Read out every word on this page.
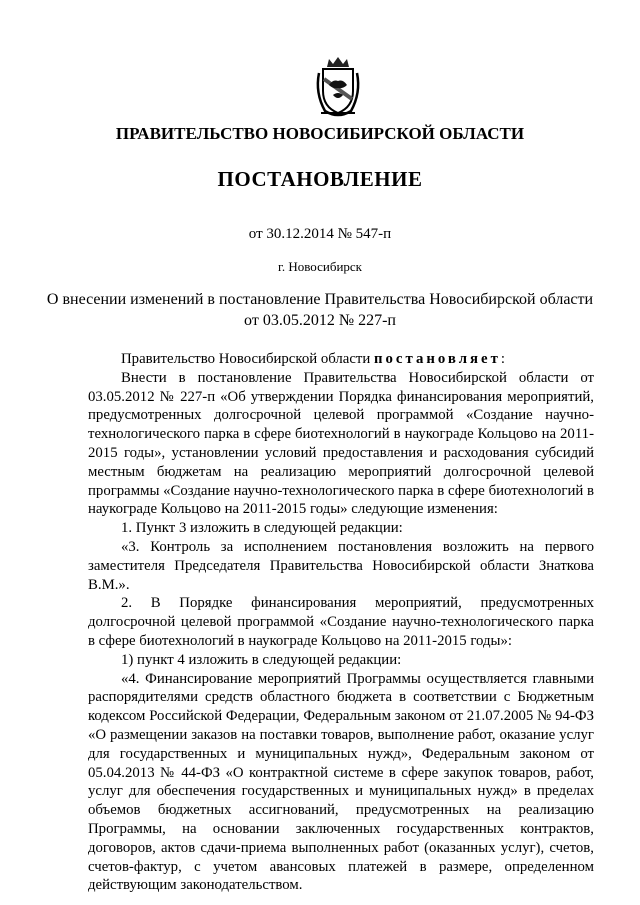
ПРАВИТЕЛЬСТВО НОВОСИБИРСКОЙ ОБЛАСТИ
ПОСТАНОВЛЕНИЕ
от 30.12.2014 № 547-п
г. Новосибирск
О внесении изменений в постановление Правительства Новосибирской области
от 03.05.2012 № 227-п

Правительство Новосибирской области постановляет:

Внести в постановление Правительства Новосибирской области от 03.05.2012 № 227-п «Об утверждении Порядка финансирования мероприятий, предусмотренных долгосрочной целевой программой «Создание научно-технологического парка в сфере биотехнологий в наукограде Кольцово на 2011-2015 годы», установлении условий предоставления и расходования субсидий местным бюджетам на реализацию мероприятий долгосрочной целевой программы «Создание научно-технологического парка в сфере биотехнологий в наукограде Кольцово на 2011-2015 годы» следующие изменения:

1. Пункт 3 изложить в следующей редакции:

«3. Контроль за исполнением постановления возложить на первого заместителя Председателя Правительства Новосибирской области Знаткова В.М.».

2. В Порядке финансирования мероприятий, предусмотренных долгосрочной целевой программой «Создание научно-технологического парка в сфере биотехнологий в наукограде Кольцово на 2011-2015 годы»:

1) пункт 4 изложить в следующей редакции:

«4. Финансирование мероприятий Программы осуществляется главными распорядителями средств областного бюджета в соответствии с Бюджетным кодексом Российской Федерации, Федеральным законом от 21.07.2005 № 94-ФЗ «О размещении заказов на поставки товаров, выполнение работ, оказание услуг для государственных и муниципальных нужд», Федеральным законом от 05.04.2013 № 44-ФЗ «О контрактной системе в сфере закупок товаров, работ, услуг для обеспечения государственных и муниципальных нужд» в пределах объемов бюджетных ассигнований, предусмотренных на реализацию Программы, на основании заключенных государственных контрактов, договоров, актов сдачи-приема выполненных работ (оказанных услуг), счетов, счетов-фактур, с учетом авансовых платежей в размере, определенном действующим законодательством.
